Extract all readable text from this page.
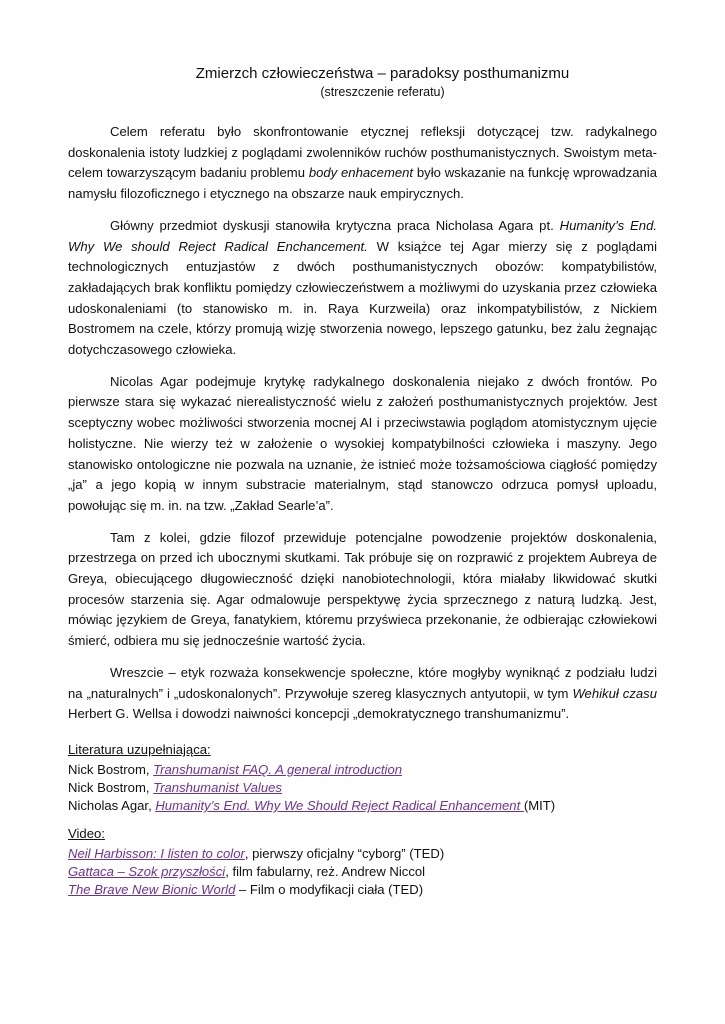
Zmierzch człowieczeństwa – paradoksy posthumanizmu
(streszczenie referatu)

Celem referatu było skonfrontowanie etycznej refleksji dotyczącej tzw. radykalnego doskonalenia istoty ludzkiej z poglądami zwolenników ruchów posthumanistycznych. Swoistym meta-celem towarzyszącym badaniu problemu body enhacement było wskazanie na funkcję wprowadzania namysłu filozoficznego i etycznego na obszarze nauk empirycznych.

Główny przedmiot dyskusji stanowiła krytyczna praca Nicholasa Agara pt. Humanity’s End. Why We should Reject Radical Enchancement. W książce tej Agar mierzy się z poglądami technologicznych entuzjastów z dwóch posthumanistycznych obozów: kompatybilistów, zakładających brak konfliktu pomiędzy człowieczeństwem a możliwymi do uzyskania przez człowieka udoskonaleniami (to stanowisko m. in. Raya Kurzweila) oraz inkompatybilistów, z Nickiem Bostromem na czele, którzy promują wizję stworzenia nowego, lepszego gatunku, bez żalu żegnając dotychczasowego człowieka.

Nicolas Agar podejmuje krytykę radykalnego doskonalenia niejako z dwóch frontów. Po pierwsze stara się wykazać nierealistyczność wielu z założeń posthumanistycznych projektów. Jest sceptyczny wobec możliwości stworzenia mocnej AI i przeciwstawia poglądom atomistycznym ujęcie holistyczne. Nie wierzy też w założenie o wysokiej kompatybilności człowieka i maszyny. Jego stanowisko ontologiczne nie pozwala na uznanie, że istnieć może tożsamościowa ciągłość pomiędzy „ja” a jego kopią w innym substracie materialnym, stąd stanowczo odrzuca pomysł uploadu, powołując się m. in. na tzw. „Zakład Searle’a”.

Tam z kolei, gdzie filozof przewiduje potencjalne powodzenie projektów doskonalenia, przestrzega on przed ich ubocznymi skutkami. Tak próbuje się on rozprawić z projektem Aubreya de Greya, obiecującego długowieczność dzięki nanobiotechnologii, która miałaby likwidować skutki procesów starzenia się. Agar odmalowuje perspektywę życia sprzecznego z naturą ludzką. Jest, mówiąc językiem de Greya, fanatykiem, któremu przyświeca przekonanie, że odbierając człowiekowi śmierć, odbiera mu się jednocześnie wartość życia.

Wreszcie – etyk rozważa konsekwencje społeczne, które mogłyby wyniknąć z podziału ludzi na „naturalnych” i „udoskonalonych”. Przywołuje szereg klasycznych antyutopii, w tym Wehikuł czasu Herbert G. Wellsa i dowodzi naiwności koncepcji „demokratycznego transhumanizmu”.

Literatura uzupełniająca:
Nick Bostrom, Transhumanist FAQ. A general introduction
Nick Bostrom, Transhumanist Values
Nicholas Agar, Humanity’s End. Why We Should Reject Radical Enhancement (MIT)
Video:
Neil Harbisson: I listen to color, pierwszy oficjalny “cyborg” (TED)
Gattaca – Szok przyszłości, film fabularny, reż. Andrew Niccol
The Brave New Bionic World – Film o modyfikacji ciała (TED)
